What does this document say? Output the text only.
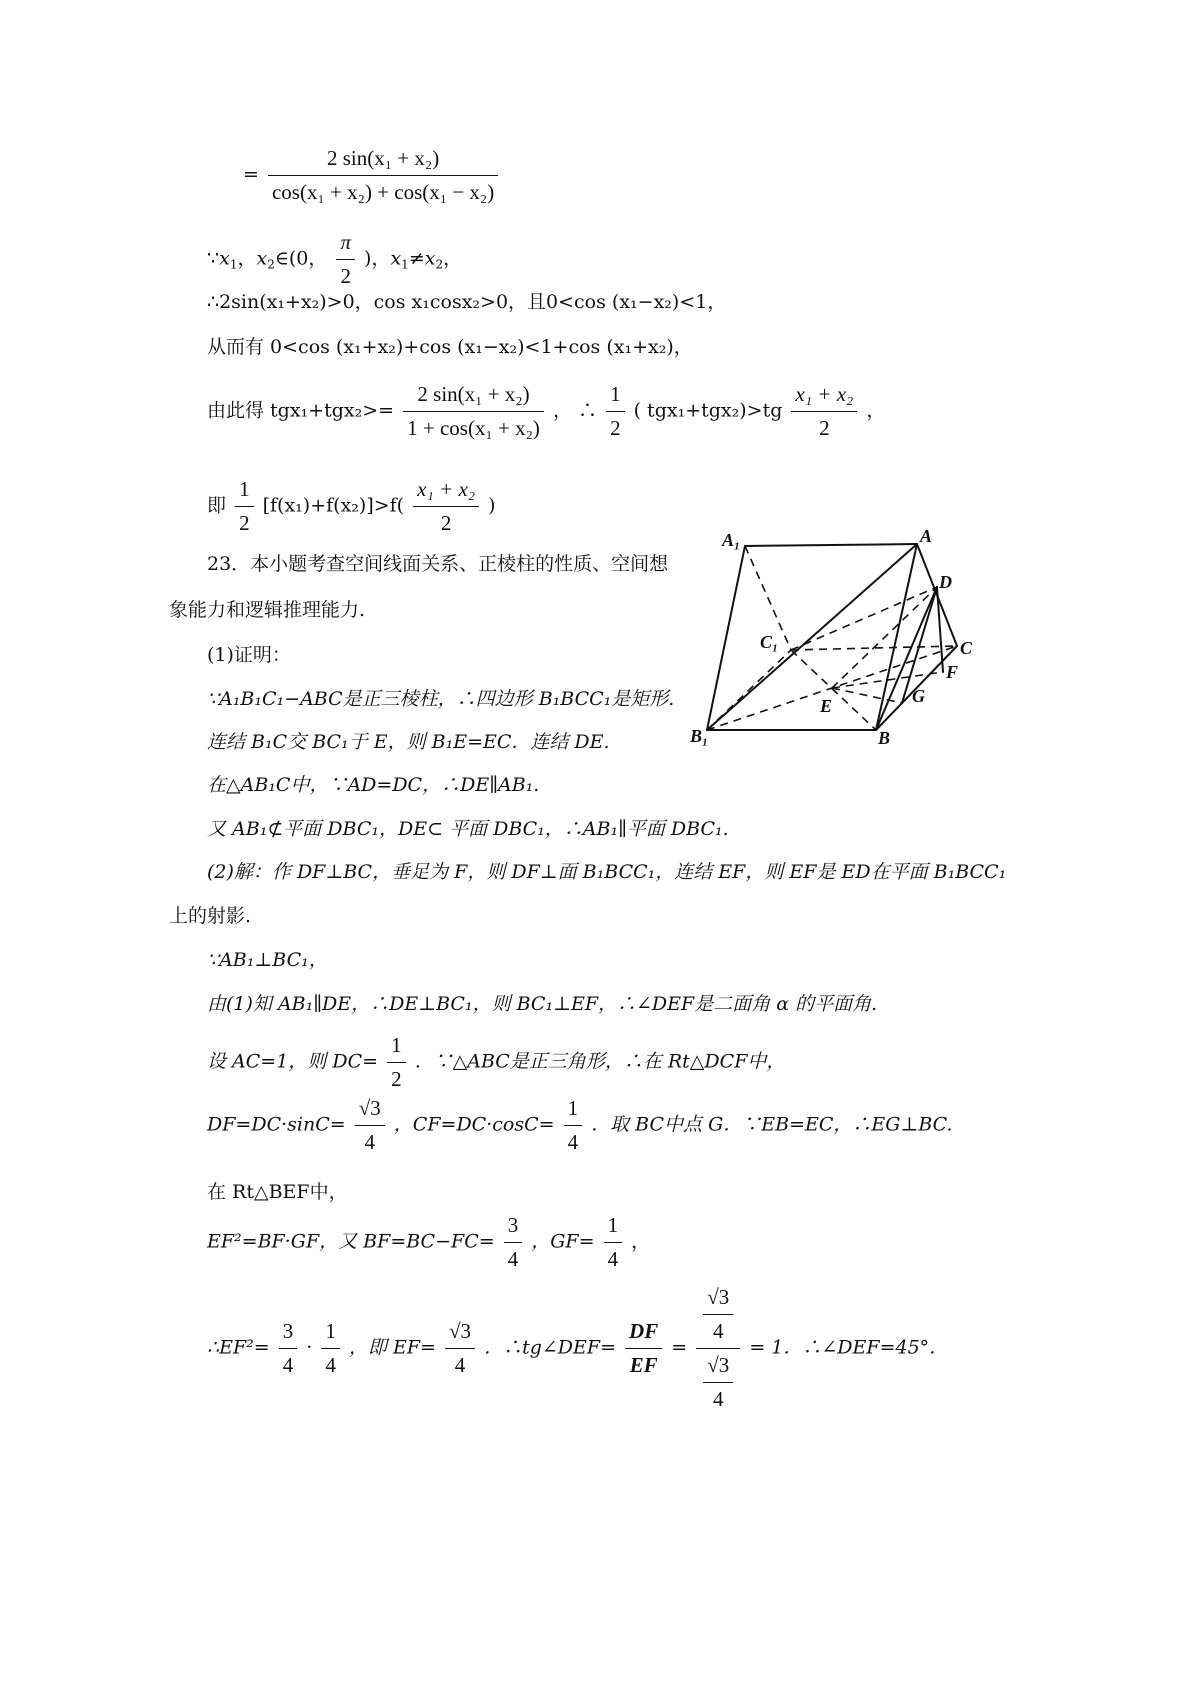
= $\frac{\text{2 sin(x₁ + x₂)}}{\text{cos(x₁ + x₂) + cos(x₁ − x₂)}}$
$\because x_1$，$x_2\in(0$， $\frac{\pi}{2}$ )，$x_1\ne x_2$，
∴2sin(x₁+x₂)>0，cos x₁cosx₂>0，且0<cos (x₁−x₂)<1，
从而有 0<cos (x₁+x₂)+cos (x₁−x₂)<1+cos (x₁+x₂)，
由此得 $tgx_1+tgx_2>= \frac{\text{2 sin(x₁ + x₂)}}{\text{1 + cos(x₁ + x₂)}}$ ， ∴ $\frac{1}{2}$ ( $tgx_1+tgx_2)>tg \frac{\text{x₁ + x₂}}{2}$ ，
即 $\frac{1}{2} [f(x_1)+f(x_2)]>f( \frac{\text{x₁ + x₂}}{2}$ )
23．本小题考查空间线面关系、正棱柱的性质、空间想
象能力和逻辑推理能力.
(1)证明：
∵A₁B₁C₁−ABC是正三棱柱，∴四边形 B₁BCC₁是矩形.
连结 B₁C交 BC₁于 E，则 B₁E=EC．连结 DE.
在△AB₁C中，∵AD=DC，∴DE∥AB₁.
又 AB₁⊄平面 DBC₁，DE⊂ 平面 DBC₁，∴AB₁∥平面 DBC₁.
(2)解：作 DF⊥BC，垂足为 F，则 DF⊥面 B₁BCC₁，连结 EF，则 EF是 ED在平面 B₁BCC₁
上的射影.
∵AB₁⊥BC₁，
由(1)知 AB₁∥DE，∴DE⊥BC₁，则 BC₁⊥EF，∴∠DEF是二面角 α 的平面角.
设 AC=1，则 $DC= \frac{1}{2}$ ．∵△ABC是正三角形，∴在 Rt△DCF中，
$DF=DC\cdot\sin C= \frac{√3}{4}$ ，$CF=DC\cdot\cos C= \frac{1}{4}$ ．取 BC中点 G．∵EB=EC，∴EG⊥BC.
在 Rt△BEF中，
EF²=BF·GF，又 $BF=BC-FC= \frac{3}{4}$ ，$GF= \frac{1}{4}$ ，
∴EF²= $\frac{3}{4} \cdot \frac{1}{4}$ ，即 $EF= \frac{√3}{4}$ ．∴tg∠DEF= $\frac{DF}{EF} = \frac{\frac{√3}{4}}{\frac{√3}{4}} = 1$．∴∠DEF=45°．
A₁	A
D
C₁	C
F
E	G
B₁	B
